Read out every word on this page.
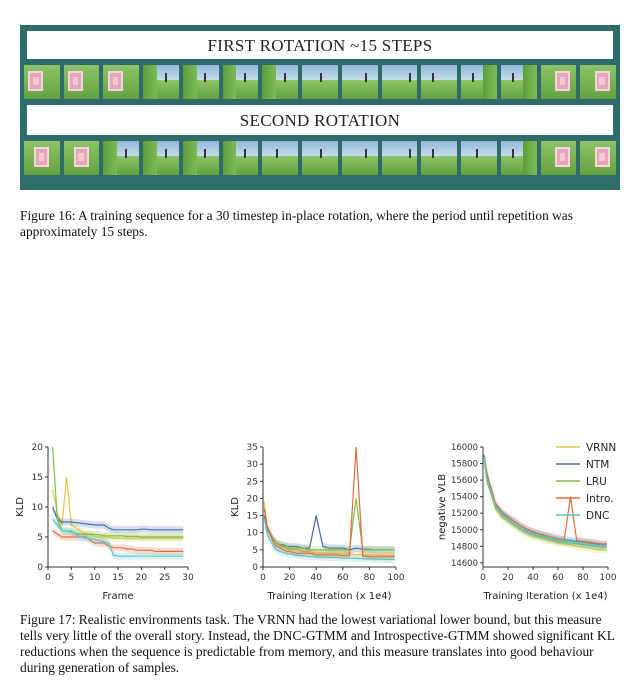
FIRST ROTATION ~15 STEPS
SECOND ROTATION
Figure 16: A training sequence for a 30 timestep in-place rotation, where the period until repetition was approximately 15 steps.
0
5
10
15
20
0 5 10 15 20 25 30
Frame
KLD
0
5
10
15
20
25
30
35
0 20 40 60 80 100
Training Iteration (x 1e4)
KLD
14600
14800
15000
15200
15400
15600
15800
16000
0 20 40 60 80 100
Training Iteration (x 1e4)
negative VLB
VRNN
NTM
LRU
Intro.
DNC
Figure 17: Realistic environments task. The VRNN had the lowest variational lower bound, but this measure tells very little of the overall story. Instead, the DNC-GTMM and Introspective-GTMM showed significant KL reductions when the sequence is predictable from memory, and this measure translates into good behaviour during generation of samples.
